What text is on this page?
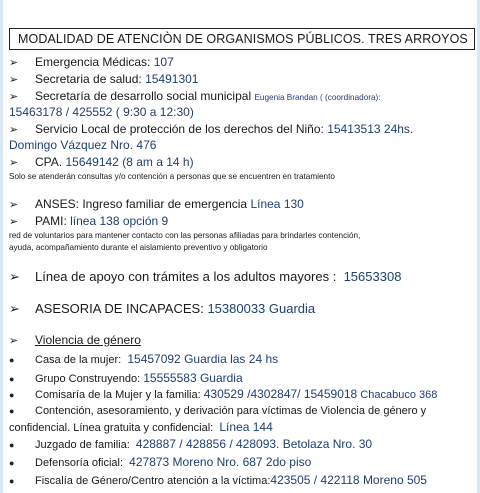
MODALIDAD DE ATENCIÒN DE ORGANISMOS PÚBLICOS. TRES ARROYOS
➢ Emergencia Médicas: 107
➢ Secretaria de salud: 15491301
➢ Secretaría de desarrollo social municipal Eugenia Brandan ( (coordinadora):
15463178 / 425552 ( 9:30 a 12:30)
➢ Servicio Local de protección de los derechos del Niño: 15413513 24hs.
Domingo Vázquez Nro. 476
➢ CPA. 15649142 (8 am a 14 h)
Solo se atenderán consultas y/o contención a personas que se encuentren en tratamiento
➢ ANSES: Ingreso familiar de emergencia Línea 130
➢ PAMI: línea 138 opción 9
red de voluntarios para mantener contacto con las personas afiliadas para brindarles contención,
ayuda, acompañamiento durante el aislamiento preventivo y obligatorio
➢ Línea de apoyo con trámites a los adultos mayores : 15653308
➢ ASESORIA DE INCAPACES: 15380033 Guardia
➢ Violencia de género
● Casa de la mujer: 15457092 Guardia las 24 hs
● Grupo Construyendo: 15555583 Guardia
● Comisaría de la Mujer y la familia: 430529 /4302847/ 15459018 Chacabuco 368
● Contención, asesoramiento, y derivación para víctimas de Violencia de género y
confidencial. Línea gratuita y confidencial: Línea 144
● Juzgado de familia: 428887 / 428856 / 428093. Betolaza Nro. 30
● Defensoría oficial: 427873 Moreno Nro. 687 2do piso
● Fiscalía de Género/Centro atención a la víctima:423505 / 422118 Moreno 505
